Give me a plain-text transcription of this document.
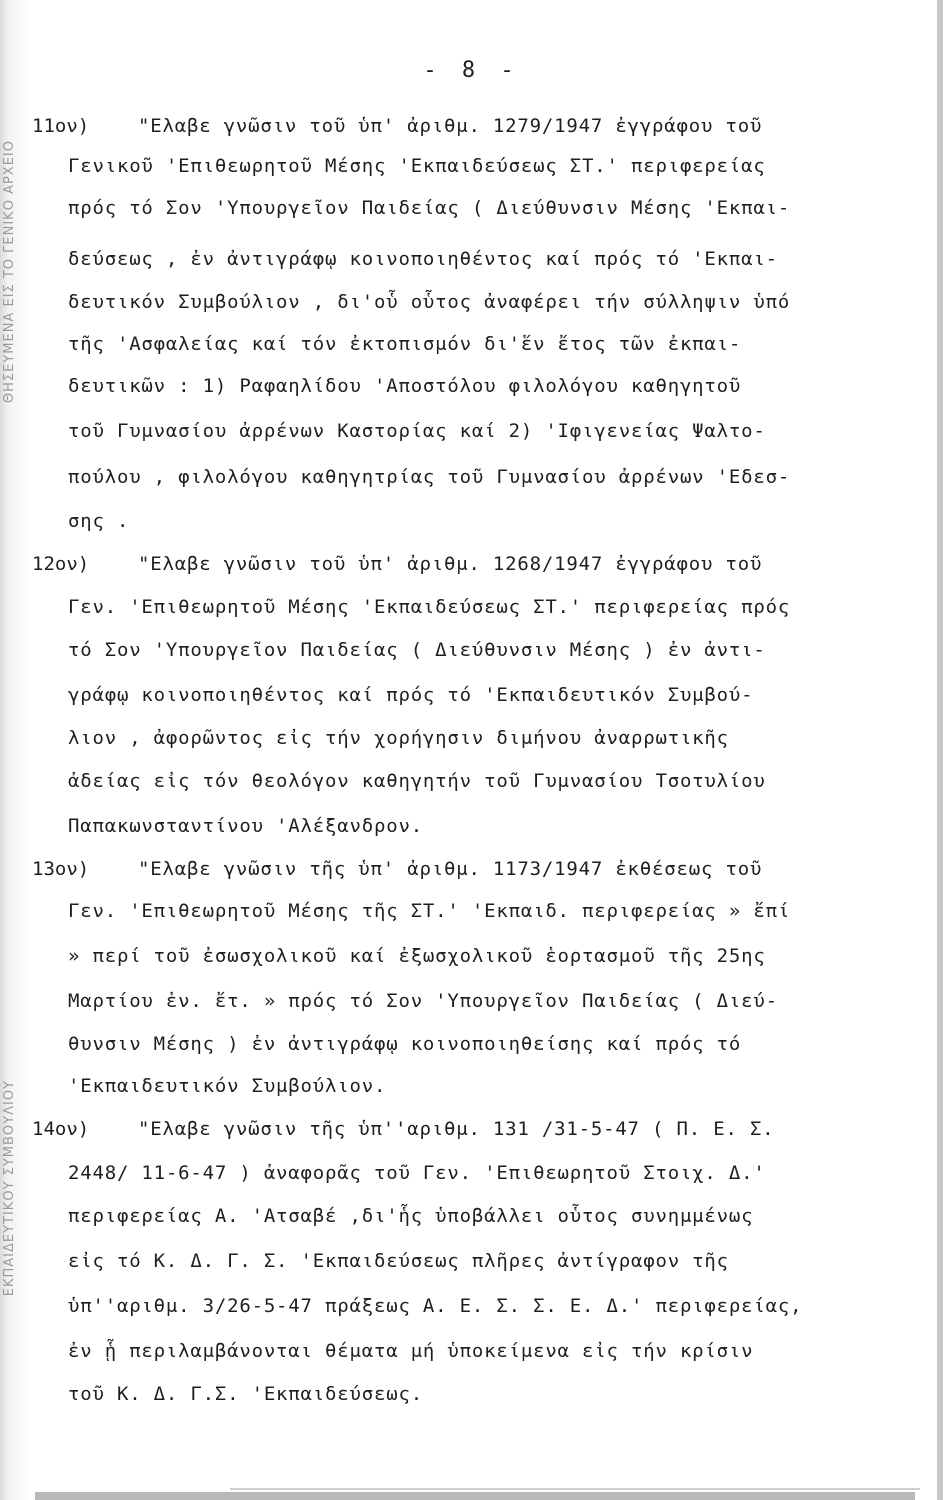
ΘΗΣΕΥΜΕΝΑ ΕΙΣ ΤΟ ΓΕΝΙΚΟ ΑΡΧΕΙΟ
ΕΚΠΑΙΔΕΥΤΙΚΟΥ ΣΥΜΒΟΥΛΙΟΥ
- 8 -
11ον)	"Ελαβε γνῶσιν τοῦ ὑπ' ἀριθμ. 1279/1947 ἐγγράφου τοῦ
Γενικοῦ 'Επιθεωρητοῦ Μέσης 'Εκπαιδεύσεως ΣΤ.' περιφερείας
πρός τό Σον 'Υπουργεῖον Παιδείας ( Διεύθυνσιν Μέσης 'Εκπαι-
δεύσεως , ἐν ἀντιγράφῳ κοινοποιηθέντος καί πρός τό 'Εκπαι-
δευτικόν Συμβούλιον , δι'οὗ οὗτος ἀναφέρει τήν σύλληψιν ὑπό
τῆς 'Ασφαλείας καί τόν ἐκτοπισμόν δι'ἕν ἔτος τῶν ἐκπαι-
δευτικῶν : 1) Ραφαηλίδου 'Αποστόλου φιλολόγου καθηγητοῦ
τοῦ Γυμνασίου ἀρρένων Καστορίας καί 2) 'Ιφιγενείας Ψαλτο-
πούλου , φιλολόγου καθηγητρίας τοῦ Γυμνασίου ἀρρένων 'Εδεσ-
σης .
12ον)	"Ελαβε γνῶσιν τοῦ ὑπ' ἀριθμ. 1268/1947 ἐγγράφου τοῦ
Γεν. 'Επιθεωρητοῦ Μέσης 'Εκπαιδεύσεως ΣΤ.' περιφερείας πρός
τό Σον 'Υπουργεῖον Παιδείας ( Διεύθυνσιν Μέσης ) ἐν ἀντι-
γράφῳ κοινοποιηθέντος καί πρός τό 'Εκπαιδευτικόν Συμβού-
λιον , ἀφορῶντος εἰς τήν χορήγησιν διμήνου ἀναρρωτικῆς
ἀδείας εἰς τόν θεολόγον καθηγητήν τοῦ Γυμνασίου Τσοτυλίου
Παπακωνσταντίνου 'Αλέξανδρον.
13ον)	"Ελαβε γνῶσιν τῆς ὑπ' ἀριθμ. 1173/1947 ἐκθέσεως τοῦ
Γεν. 'Επιθεωρητοῦ Μέσης τῆς ΣΤ.' 'Εκπαιδ. περιφερείας » ἔπί
» περί τοῦ ἐσωσχολικοῦ καί ἐξωσχολικοῦ ἑορτασμοῦ τῆς 25ης
Μαρτίου ἐν. ἔτ. » πρός τό Σον 'Υπουργεῖον Παιδείας ( Διεύ-
θυνσιν Μέσης ) ἐν ἀντιγράφῳ κοινοποιηθείσης καί πρός τό
'Εκπαιδευτικόν Συμβούλιον.
14ον)	"Ελαβε γνῶσιν τῆς ὑπ''αριθμ. 131 /31-5-47 ( Π. Ε. Σ.
2448/ 11-6-47 ) ἀναφορᾶς τοῦ Γεν. 'Επιθεωρητοῦ Στοιχ. Δ.'
περιφερείας Α. 'Ατσαβέ ,δι'ἧς ὑποβάλλει οὗτος συνημμένως
εἰς τό Κ. Δ. Γ. Σ. 'Εκπαιδεύσεως πλῆρες ἀντίγραφον τῆς
ὑπ''αριθμ. 3/26-5-47 πράξεως Α. Ε. Σ. Σ. Ε. Δ.' περιφερείας,
ἐν ᾗ περιλαμβάνονται θέματα μή ὑποκείμενα εἰς τήν κρίσιν
τοῦ Κ. Δ. Γ.Σ. 'Εκπαιδεύσεως.
